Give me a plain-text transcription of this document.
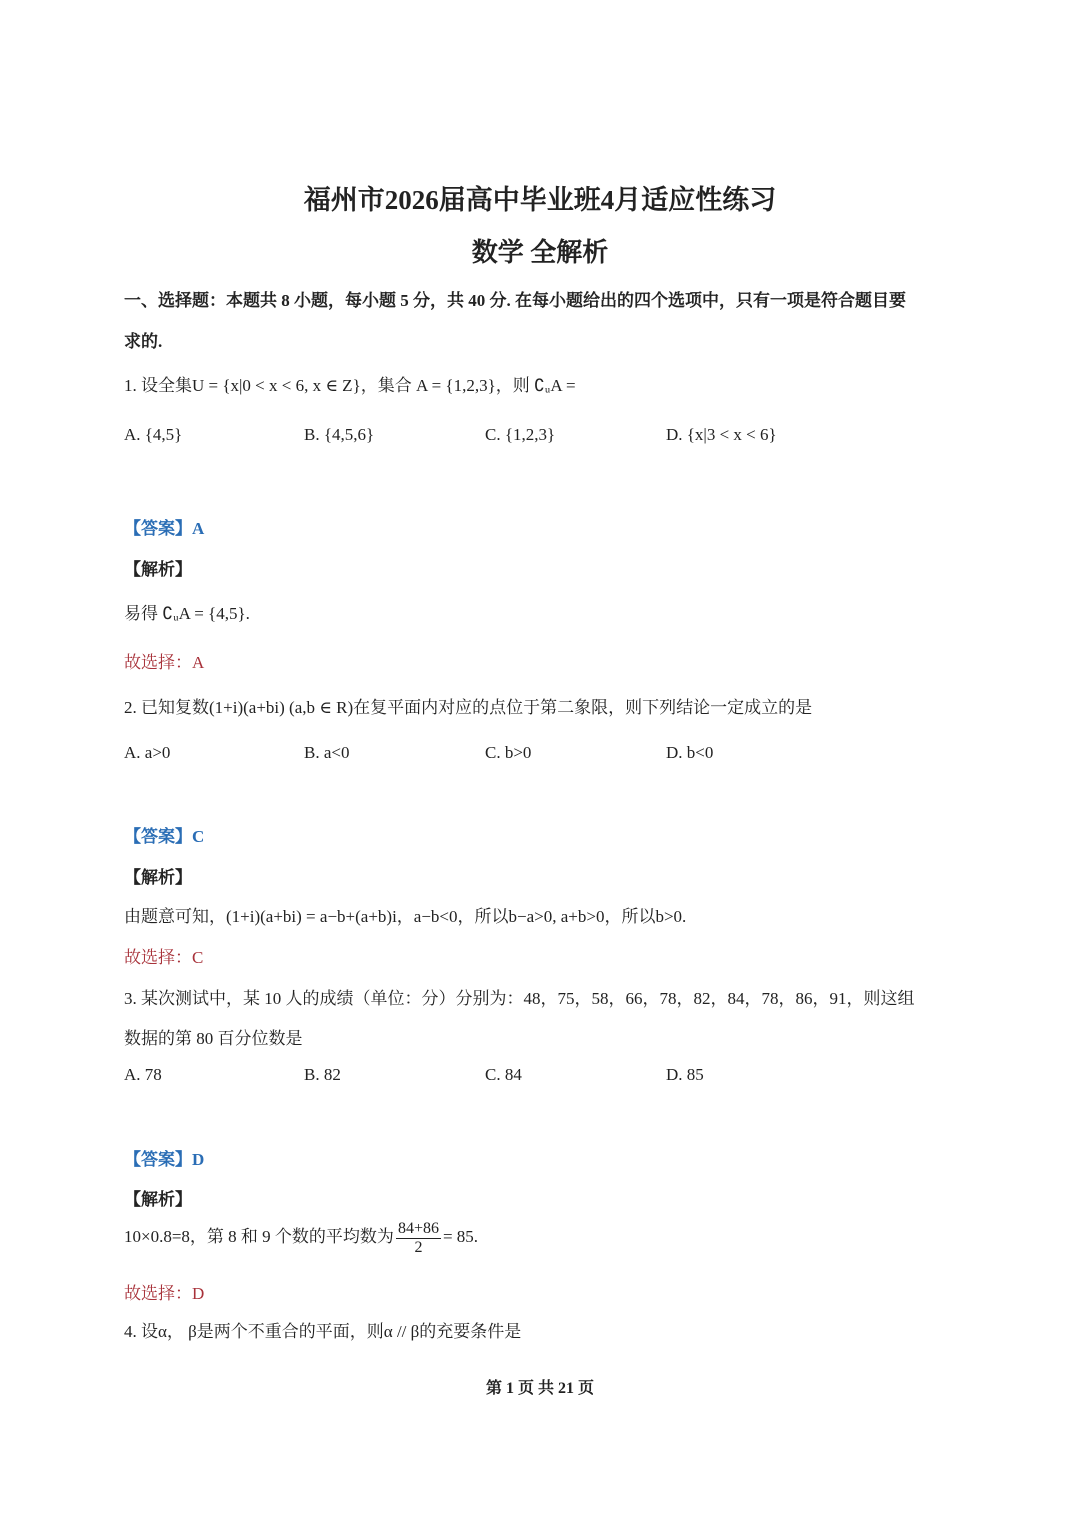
福州市2026届高中毕业班4月适应性练习
数学 全解析
一、选择题：本题共 8 小题，每小题 5 分，共 40 分. 在每小题给出的四个选项中，只有一项是符合题目要
求的.
1. 设全集U = {x|0 < x < 6, x ∈ Z}，集合 A = {1,2,3}，则 ∁ᵤA =
A. {4,5}	B. {4,5,6}	C. {1,2,3}	D. {x|3 < x < 6}
【答案】A
【解析】
易得 ∁ᵤA = {4,5}.
故选择：A
2. 已知复数(1+i)(a+bi) (a,b ∈ R)在复平面内对应的点位于第二象限，则下列结论一定成立的是
A. a>0	B. a<0	C. b>0	D. b<0
【答案】C
【解析】
由题意可知，(1+i)(a+bi) = a−b+(a+b)i，a−b<0，所以b−a>0, a+b>0，所以b>0.
故选择：C
3. 某次测试中，某 10 人的成绩（单位：分）分别为：48，75，58，66，78，82，84，78，86，91，则这组
数据的第 80 百分位数是
A. 78	B. 82	C. 84	D. 85
【答案】D
【解析】
10×0.8=8，第 8 和 9 个数的平均数为 $\frac{84+86}{2} = 85$.
故选择：D
4. 设α， β是两个不重合的平面，则α // β的充要条件是
第 1 页 共 21 页
